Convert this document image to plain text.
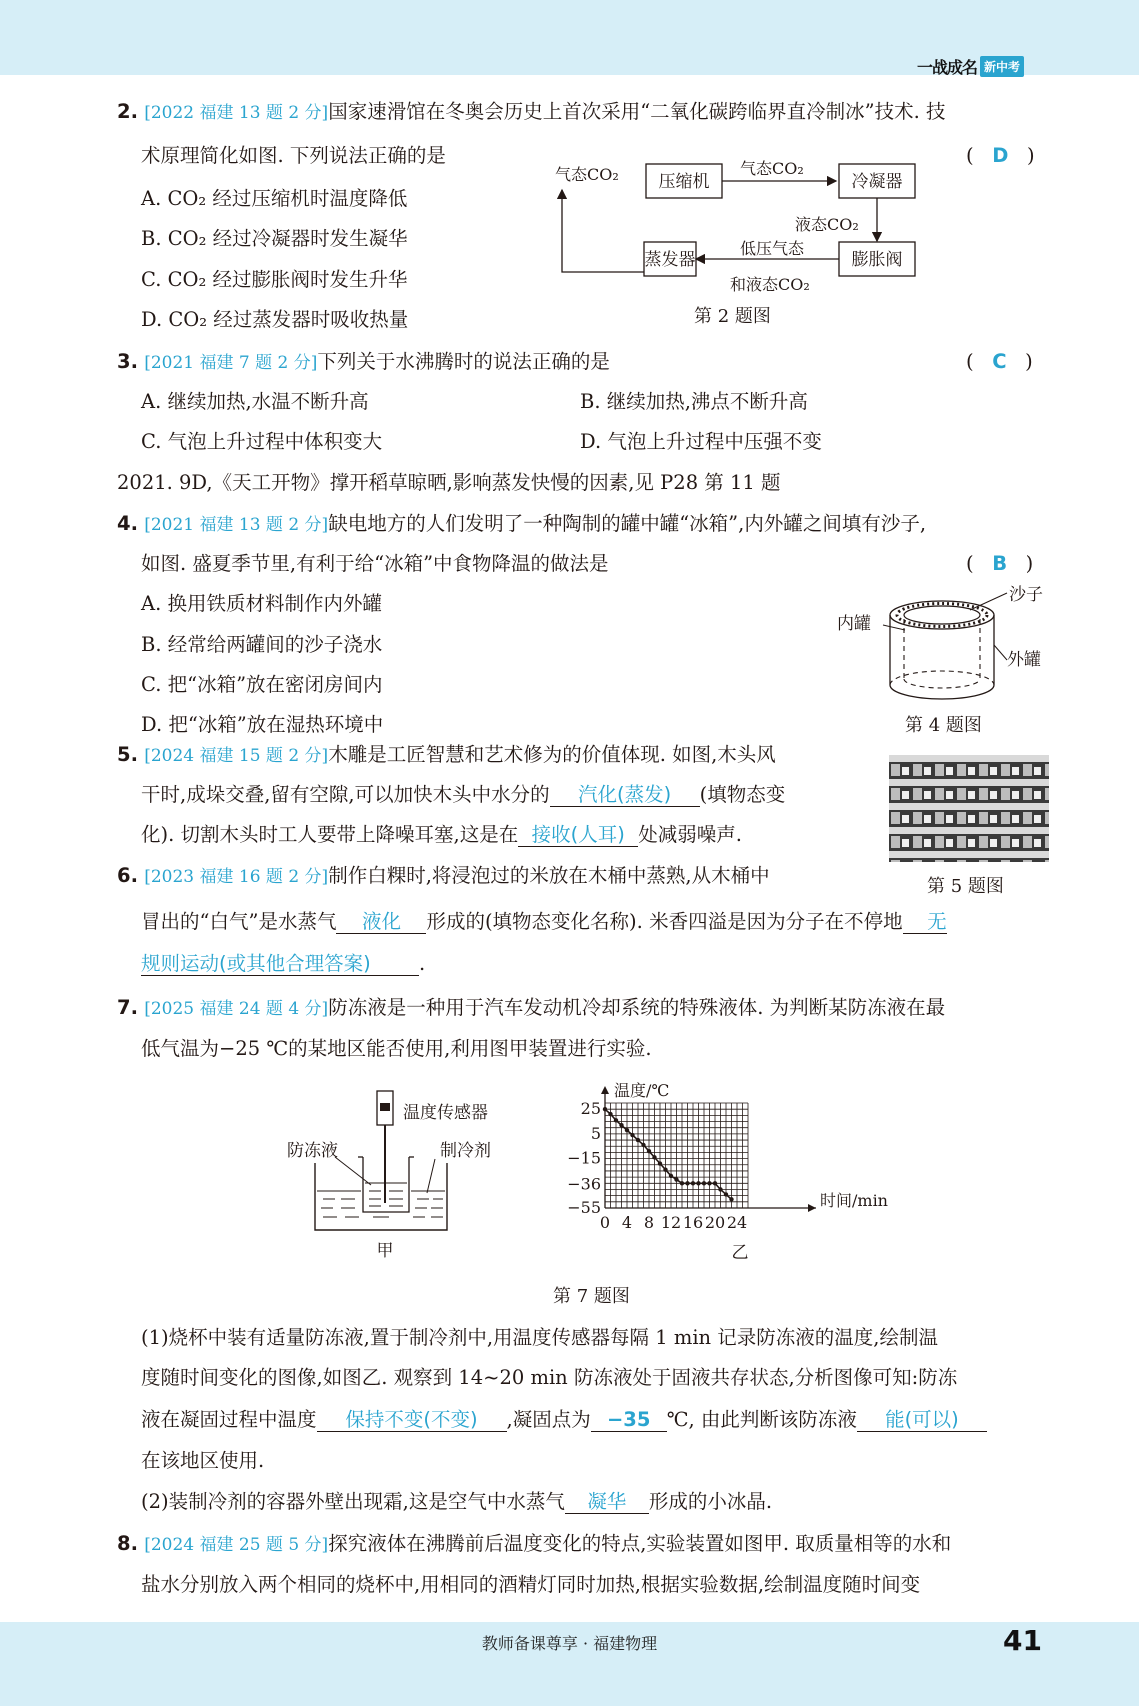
一战成名 新中考
2. [2022 福建 13 题 2 分]国家速滑馆在冬奥会历史上首次采用“二氧化碳跨临界直冷制冰”技术. 技
术原理简化如图. 下列说法正确的是	(   D   )
A. CO₂ 经过压缩机时温度降低
B. CO₂ 经过冷凝器时发生凝华
C. CO₂ 经过膨胀阀时发生升华
D. CO₂ 经过蒸发器时吸收热量
气态CO₂ 压缩机
气态CO₂
冷凝器
液态CO₂
膨胀阀
低压气态
和液态CO₂
蒸发器
第 2 题图
3. [2021 福建 7 题 2 分]下列关于水沸腾时的说法正确的是	(   C   )
A. 继续加热,水温不断升高	B. 继续加热,沸点不断升高
C. 气泡上升过程中体积变大	D. 气泡上升过程中压强不变
2021. 9D,《天工开物》撑开稻草晾晒,影响蒸发快慢的因素,见 P28 第 11 题
4. [2021 福建 13 题 2 分]缺电地方的人们发明了一种陶制的罐中罐“冰箱”,内外罐之间填有沙子,
如图. 盛夏季节里,有利于给“冰箱”中食物降温的做法是	(   B   )
A. 换用铁质材料制作内外罐
B. 经常给两罐间的沙子浇水
C. 把“冰箱”放在密闭房间内
D. 把“冰箱”放在湿热环境中
沙子
内罐
外罐
第 4 题图
5. [2024 福建 15 题 2 分]木雕是工匠智慧和艺术修为的价值体现. 如图,木头风
干时,成垛交叠,留有空隙,可以加快木头中水分的 汽化(蒸发) (填物态变
化). 切割木头时工人要带上降噪耳塞,这是在 接收(人耳) 处减弱噪声.
第 5 题图
6. [2023 福建 16 题 2 分]制作白粿时,将浸泡过的米放在木桶中蒸熟,从木桶中
冒出的“白气”是水蒸气 液化 形成的(填物态变化名称). 米香四溢是因为分子在不停地 无
规则运动(或其他合理答案) .
7. [2025 福建 24 题 4 分]防冻液是一种用于汽车发动机冷却系统的特殊液体. 为判断某防冻液在最
低气温为−25 ℃的某地区能否使用,利用图甲装置进行实验.
温度传感器
防冻液	制冷剂
甲
0 4 8 12 16 20 24
25
5
−15
−36
−55
温度/℃
时间/min
乙
第 7 题图
(1)烧杯中装有适量防冻液,置于制冷剂中,用温度传感器每隔 1 min 记录防冻液的温度,绘制温
度随时间变化的图像,如图乙. 观察到 14~20 min 防冻液处于固液共存状态,分析图像可知:防冻
液在凝固过程中温度 保持不变(不变) ,凝固点为 −35 ℃, 由此判断该防冻液 能(可以)
在该地区使用.
(2)装制冷剂的容器外壁出现霜,这是空气中水蒸气 凝华 形成的小冰晶.
8. [2024 福建 25 题 5 分]探究液体在沸腾前后温度变化的特点,实验装置如图甲. 取质量相等的水和
盐水分别放入两个相同的烧杯中,用相同的酒精灯同时加热,根据实验数据,绘制温度随时间变
教师备课尊享 · 福建物理	41
